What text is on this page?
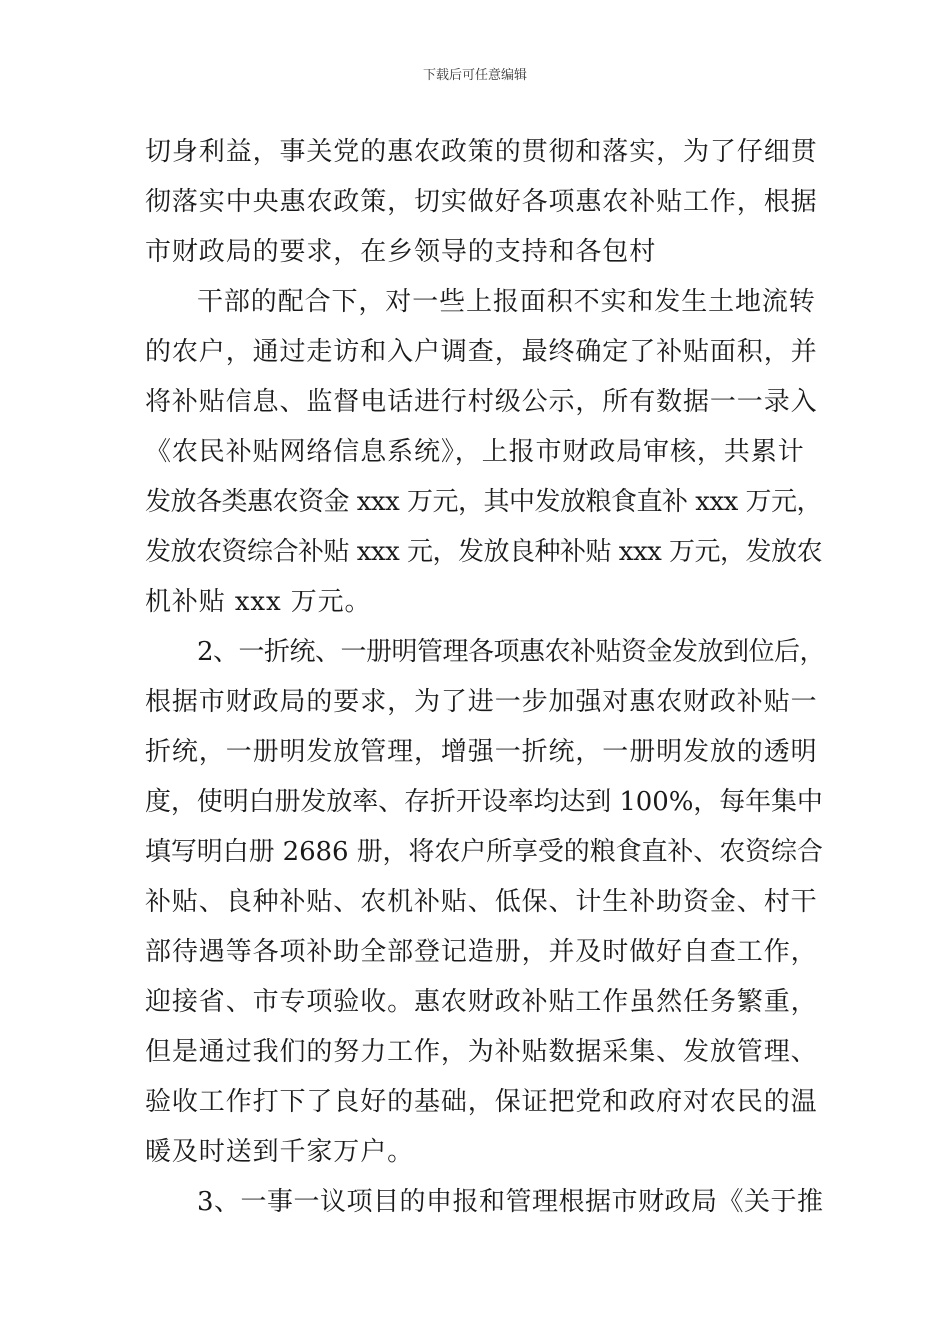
下载后可任意编辑
切身利益，事关党的惠农政策的贯彻和落实，为了仔细贯
彻落实中央惠农政策，切实做好各项惠农补贴工作，根据
市财政局的要求，在乡领导的支持和各包村
干部的配合下，对一些上报面积不实和发生土地流转
的农户，通过走访和入户调查，最终确定了补贴面积，并
将补贴信息、监督电话进行村级公示，所有数据一一录入
《农民补贴网络信息系统》，上报市财政局审核，共累计
发放各类惠农资金 xxx 万元，其中发放粮食直补 xxx 万元，
发放农资综合补贴 xxx 元，发放良种补贴 xxx 万元，发放农
机补贴 xxx 万元。
2、一折统、一册明管理各项惠农补贴资金发放到位后，
根据市财政局的要求，为了进一步加强对惠农财政补贴一
折统，一册明发放管理，增强一折统，一册明发放的透明
度，使明白册发放率、存折开设率均达到 100%，每年集中
填写明白册 2686 册，将农户所享受的粮食直补、农资综合
补贴、良种补贴、农机补贴、低保、计生补助资金、村干
部待遇等各项补助全部登记造册，并及时做好自查工作，
迎接省、市专项验收。惠农财政补贴工作虽然任务繁重，
但是通过我们的努力工作，为补贴数据采集、发放管理、
验收工作打下了良好的基础，保证把党和政府对农民的温
暖及时送到千家万户。
3、一事一议项目的申报和管理根据市财政局《关于推
